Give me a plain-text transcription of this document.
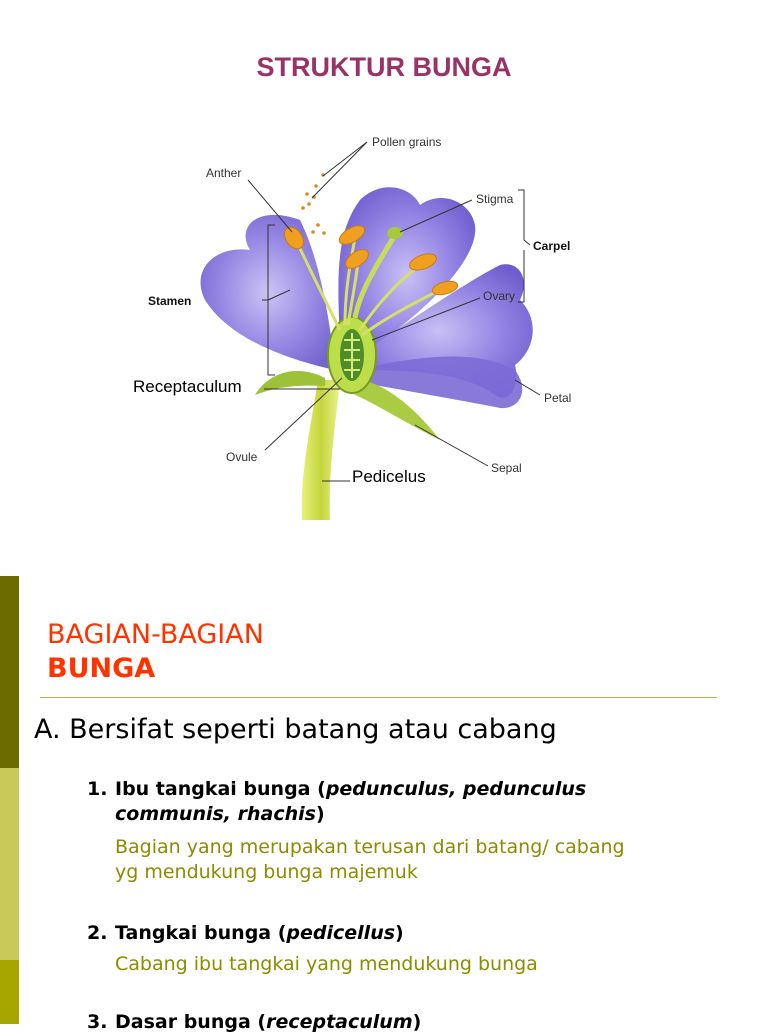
STRUKTUR BUNGA
Pollen grains
Anther
Stigma
Carpel
Stamen	Ovary
Receptaculum
Petal
Ovule
Pedicelus	Sepal
BAGIAN-BAGIAN
BUNGA
A. Bersifat seperti batang atau cabang
1. Ibu tangkai bunga (pedunculus, pedunculus
communis, rhachis)
Bagian yang merupakan terusan dari batang/ cabang
yg mendukung bunga majemuk
2. Tangkai bunga (pedicellus)
Cabang ibu tangkai yang mendukung bunga
3. Dasar bunga (receptaculum)
